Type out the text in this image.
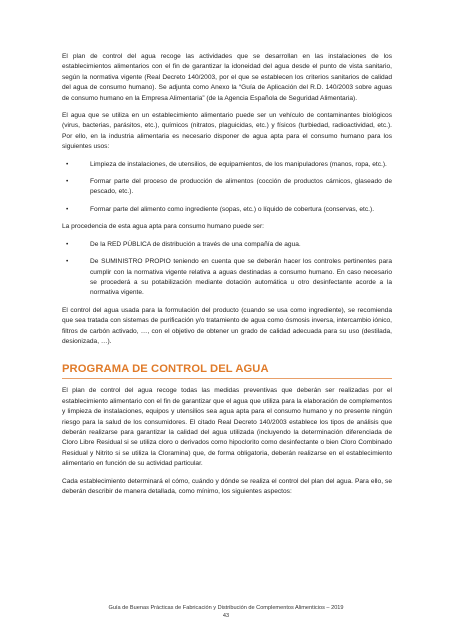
El plan de control del agua recoge las actividades que se desarrollan en las instalaciones de los establecimientos alimentarios con el fin de garantizar la idoneidad del agua desde el punto de vista sanitario, según la normativa vigente (Real Decreto 140/2003, por el que se establecen los criterios sanitarios de calidad del agua de consumo humano). Se adjunta como Anexo la “Guía de Aplicación del R.D. 140/2003 sobre aguas de consumo humano en la Empresa Alimentaria” (de la Agencia Española de Seguridad Alimentaria).

El agua que se utiliza en un establecimiento alimentario puede ser un vehículo de contaminantes biológicos (virus, bacterias, parásitos, etc.), químicos (nitratos, plaguicidas, etc.) y físicos (turbiedad, radioactividad, etc.). Por ello, en la industria alimentaria es necesario disponer de agua apta para el consumo humano para los siguientes usos:

•	Limpieza de instalaciones, de utensilios, de equipamientos, de los manipuladores (manos, ropa, etc.).
•	Formar parte del proceso de producción de alimentos (cocción de productos cárnicos, glaseado de pescado, etc.).
•	Formar parte del alimento como ingrediente (sopas, etc.) o líquido de cobertura (conservas, etc.).

La procedencia de esta agua apta para consumo humano puede ser:

•	De la RED PÚBLICA de distribución a través de una compañía de agua.
•	De SUMINISTRO PROPIO teniendo en cuenta que se deberán hacer los controles pertinentes para cumplir con la normativa vigente relativa a aguas destinadas a consumo humano. En caso necesario se procederá a su potabilización mediante dotación automática u otro desinfectante acorde a la normativa vigente.

El control del agua usada para la formulación del producto (cuando se usa como ingrediente), se recomienda que sea tratada con sistemas de purificación y/o tratamiento de agua como ósmosis inversa, intercambio iónico, filtros de carbón activado, …, con el objetivo de obtener un grado de calidad adecuada para su uso (destilada, desionizada, …).

PROGRAMA DE CONTROL DEL AGUA

El plan de control del agua recoge todas las medidas preventivas que deberán ser realizadas por el establecimiento alimentario con el fin de garantizar que el agua que utiliza para la elaboración de complementos y limpieza de instalaciones, equipos y utensilios sea agua apta para el consumo humano y no presente ningún riesgo para la salud de los consumidores. El citado Real Decreto 140/2003 establece los tipos de análisis que deberán realizarse para garantizar la calidad del agua utilizada (incluyendo la determinación diferenciada de Cloro Libre Residual si se utiliza cloro o derivados como hipoclorito como desinfectante o bien Cloro Combinado Residual y Nitrito si se utiliza la Cloramina) que, de forma obligatoria, deberán realizarse en el establecimiento alimentario en función de su actividad particular.

Cada establecimiento determinará el cómo, cuándo y dónde se realiza el control del plan del agua. Para ello, se deberán describir de manera detallada, como mínimo, los siguientes aspectos:

Guía de Buenas Prácticas de Fabricación y Distribución de Complementos Alimenticios – 2019
43
